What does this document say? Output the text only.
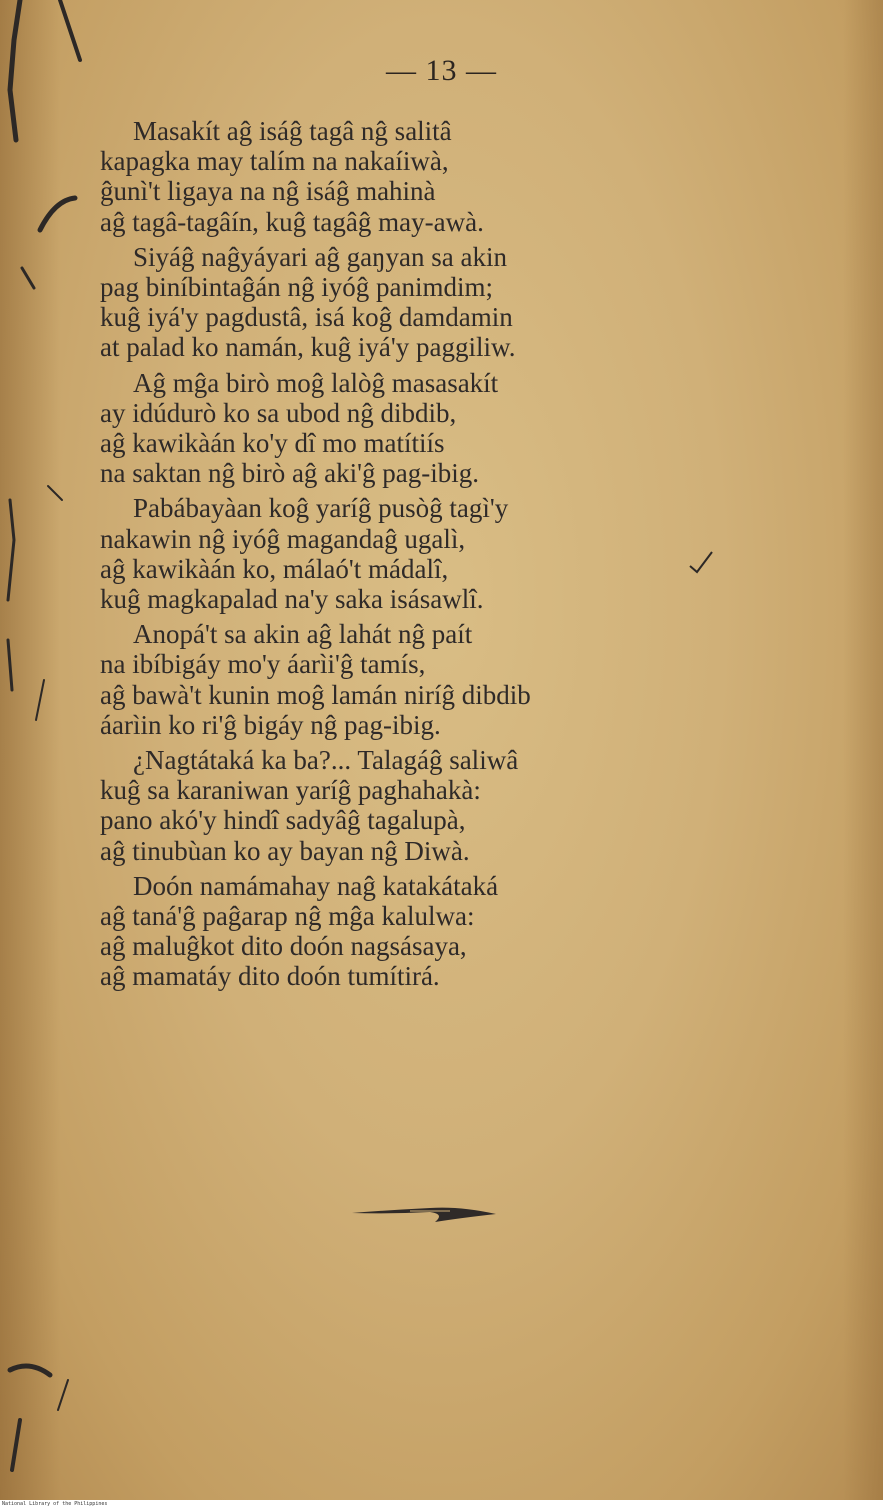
— 13 —
Masakít aĝ isáĝ tagâ nĝ salitâ
kapagka may talím na nakaíiwà,
ĝunì't ligaya na nĝ isáĝ mahinà
aĝ tagâ-tagâín, kuĝ tagâĝ may-awà.
Siyáĝ naĝyáyari aĝ gaŋyan sa akin
pag biníbintaĝán nĝ iyóĝ panimdim;
kuĝ iyá'y pagdustâ, isá koĝ damdamin
at palad ko namán, kuĝ iyá'y paggiliw.
Aĝ mĝa birò moĝ lalòĝ masasakít
ay idúdurò ko sa ubod nĝ dibdib,
aĝ kawikàán ko'y dî mo matítiís
na saktan nĝ birò aĝ aki'ĝ pag-ibig.
Pabábayàan koĝ yaríĝ pusòĝ tagì'y
nakawin nĝ iyóĝ magandaĝ ugalì,
aĝ kawikàán ko, málaó't mádalî,
kuĝ magkapalad na'y saka isásawlî.
Anopá't sa akin aĝ lahát nĝ paít
na ibíbigáy mo'y áarìi'ĝ tamís,
aĝ bawà't kunin moĝ lamán niríĝ dibdib
áarìin ko ri'ĝ bigáy nĝ pag-ibig.
¿Nagtátaká ka ba?... Talagáĝ saliwâ
kuĝ sa karaniwan yaríĝ paghahakà:
pano akó'y hindî sadyâĝ tagalupà,
aĝ tinubùan ko ay bayan nĝ Diwà.
Doón namámahay naĝ katakátaká
aĝ taná'ĝ paĝarap nĝ mĝa kalulwa:
aĝ maluĝkot dito doón nagsásaya,
aĝ mamatáy dito doón tumítirá.
National Library of the Philippines
